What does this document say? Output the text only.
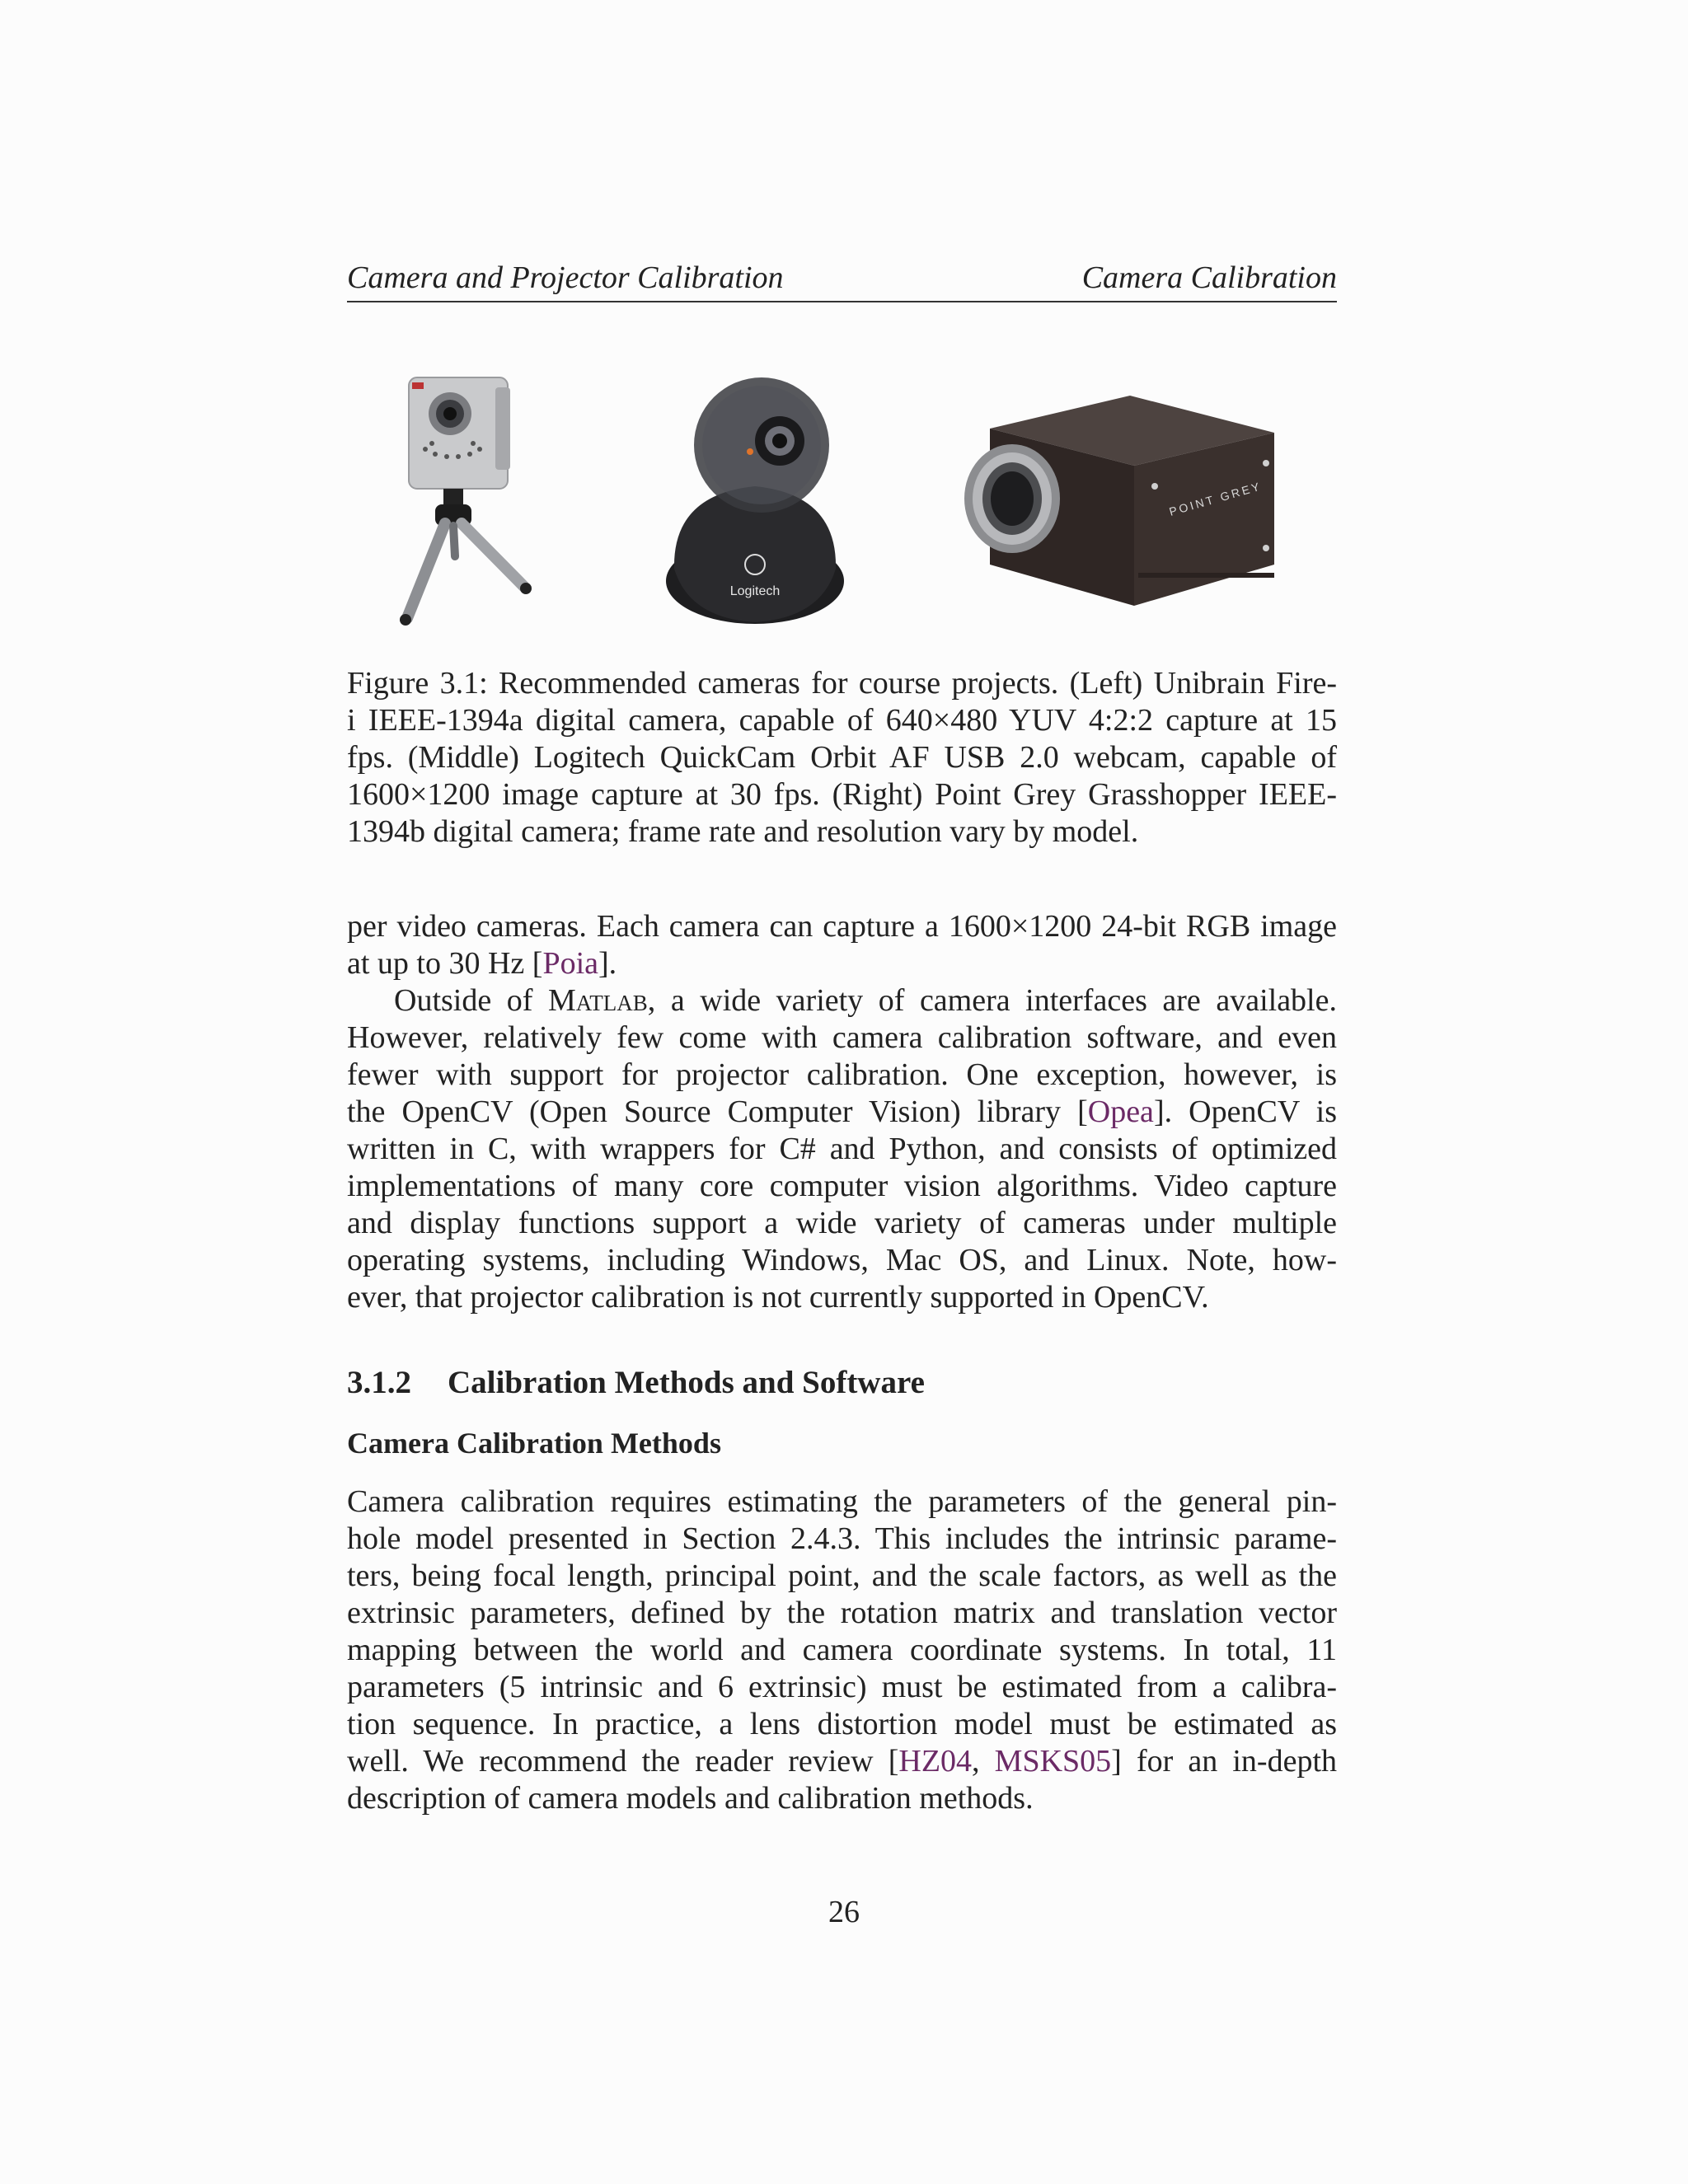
Camera and Projector Calibration	Camera Calibration
Logitech
POINT GREY
Figure 3.1: Recommended cameras for course projects. (Left) Unibrain Fire-
i IEEE-1394a digital camera, capable of 640×480 YUV 4:2:2 capture at 15
fps. (Middle) Logitech QuickCam Orbit AF USB 2.0 webcam, capable of
1600×1200 image capture at 30 fps. (Right) Point Grey Grasshopper IEEE-
1394b digital camera; frame rate and resolution vary by model.
per video cameras. Each camera can capture a 1600×1200 24-bit RGB image
at up to 30 Hz [Poia].
Outside of Matlab, a wide variety of camera interfaces are available.
However, relatively few come with camera calibration software, and even
fewer with support for projector calibration. One exception, however, is
the OpenCV (Open Source Computer Vision) library [Opea]. OpenCV is
written in C, with wrappers for C# and Python, and consists of optimized
implementations of many core computer vision algorithms. Video capture
and display functions support a wide variety of cameras under multiple
operating systems, including Windows, Mac OS, and Linux. Note, how-
ever, that projector calibration is not currently supported in OpenCV.
3.1.2 Calibration Methods and Software
Camera Calibration Methods
Camera calibration requires estimating the parameters of the general pin-
hole model presented in Section 2.4.3. This includes the intrinsic parame-
ters, being focal length, principal point, and the scale factors, as well as the
extrinsic parameters, defined by the rotation matrix and translation vector
mapping between the world and camera coordinate systems. In total, 11
parameters (5 intrinsic and 6 extrinsic) must be estimated from a calibra-
tion sequence. In practice, a lens distortion model must be estimated as
well. We recommend the reader review [HZ04, MSKS05] for an in-depth
description of camera models and calibration methods.
26
